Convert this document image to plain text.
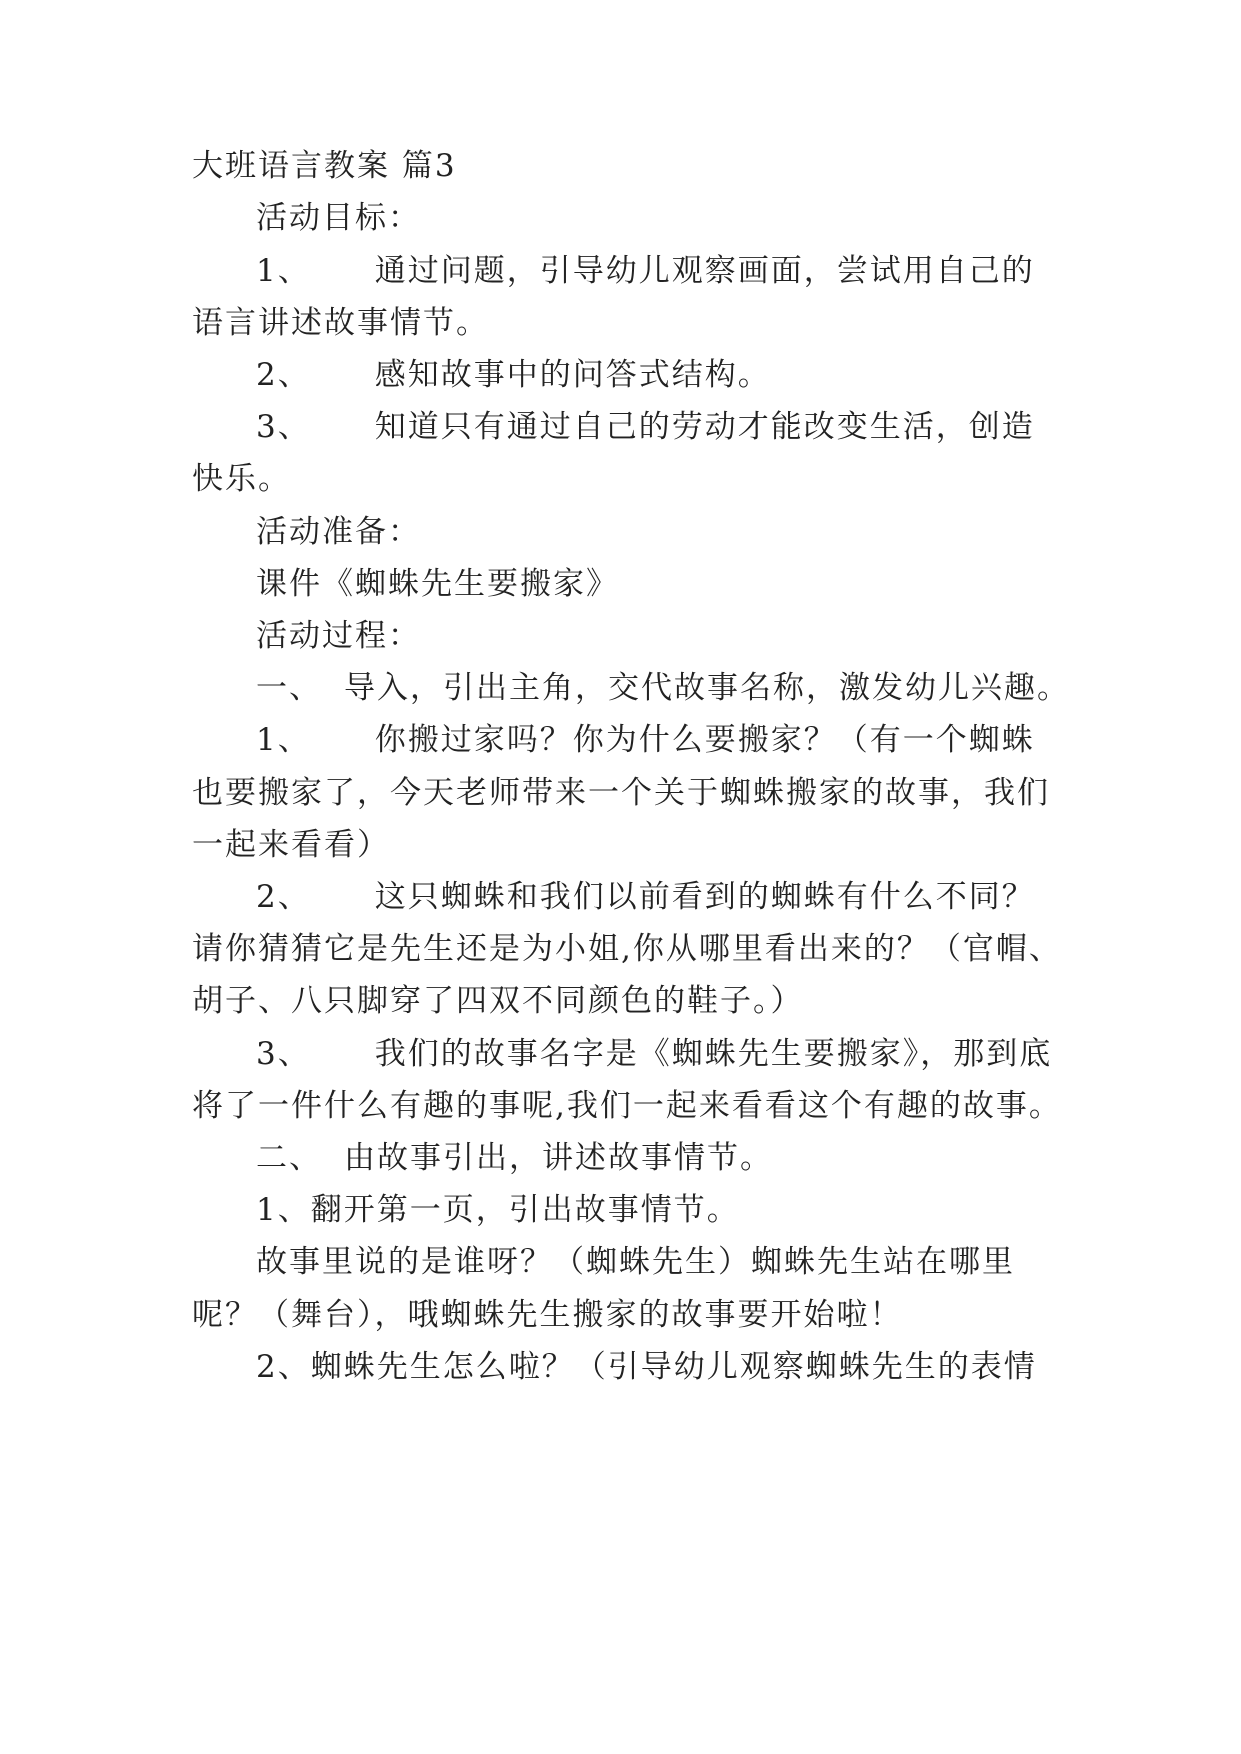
大班语言教案 篇3
活动目标：
1、 通过问题，引导幼儿观察画面，尝试用自己的
语言讲述故事情节。
2、 感知故事中的问答式结构。
3、 知道只有通过自己的劳动才能改变生活，创造
快乐。
活动准备：
课件《蜘蛛先生要搬家》
活动过程：
一、 导入，引出主角，交代故事名称，激发幼儿兴趣。
1、 你搬过家吗？你为什么要搬家？（有一个蜘蛛
也要搬家了，今天老师带来一个关于蜘蛛搬家的故事，我们
一起来看看）
2、 这只蜘蛛和我们以前看到的蜘蛛有什么不同？
请你猜猜它是先生还是为小姐,你从哪里看出来的？（官帽、
胡子、八只脚穿了四双不同颜色的鞋子。）
3、 我们的故事名字是《蜘蛛先生要搬家》，那到底
将了一件什么有趣的事呢,我们一起来看看这个有趣的故事。
二、 由故事引出，讲述故事情节。
1、翻开第一页，引出故事情节。
故事里说的是谁呀？（蜘蛛先生）蜘蛛先生站在哪里
呢？（舞台），哦蜘蛛先生搬家的故事要开始啦！
2、蜘蛛先生怎么啦？（引导幼儿观察蜘蛛先生的表情
